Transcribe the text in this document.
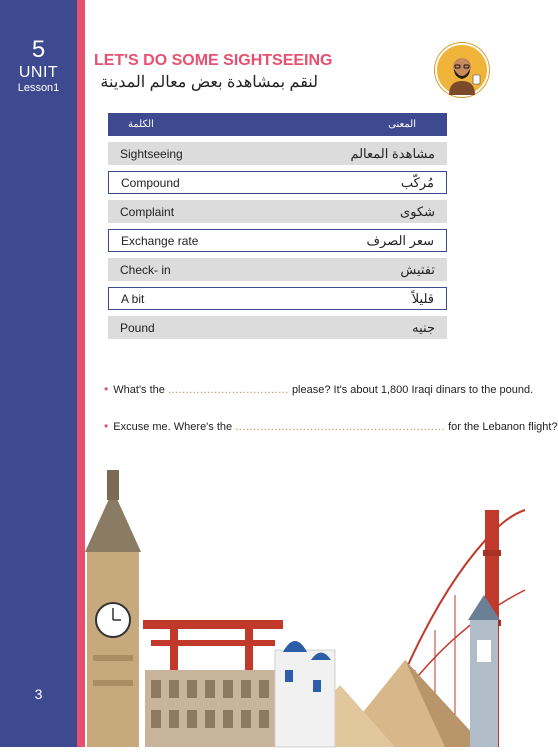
5
UNIT
Lesson1
3
LET'S DO SOME SIGHTSEEING
لنقم بمشاهدة بعض معالم المدينة
الكلمة	المعنى
Sightseeing	مشاهدة المعالم
Compound	مُركّب
Complaint	شكوى
Exchange rate	سعر الصرف
Check- in	تفتيش
A bit	قليلاً
Pound	جنيه
• What's the .................................. please? It's about 1,800 Iraqi dinars to the pound.
• Excuse me. Where's the ........................................................... for the Lebanon flight?
